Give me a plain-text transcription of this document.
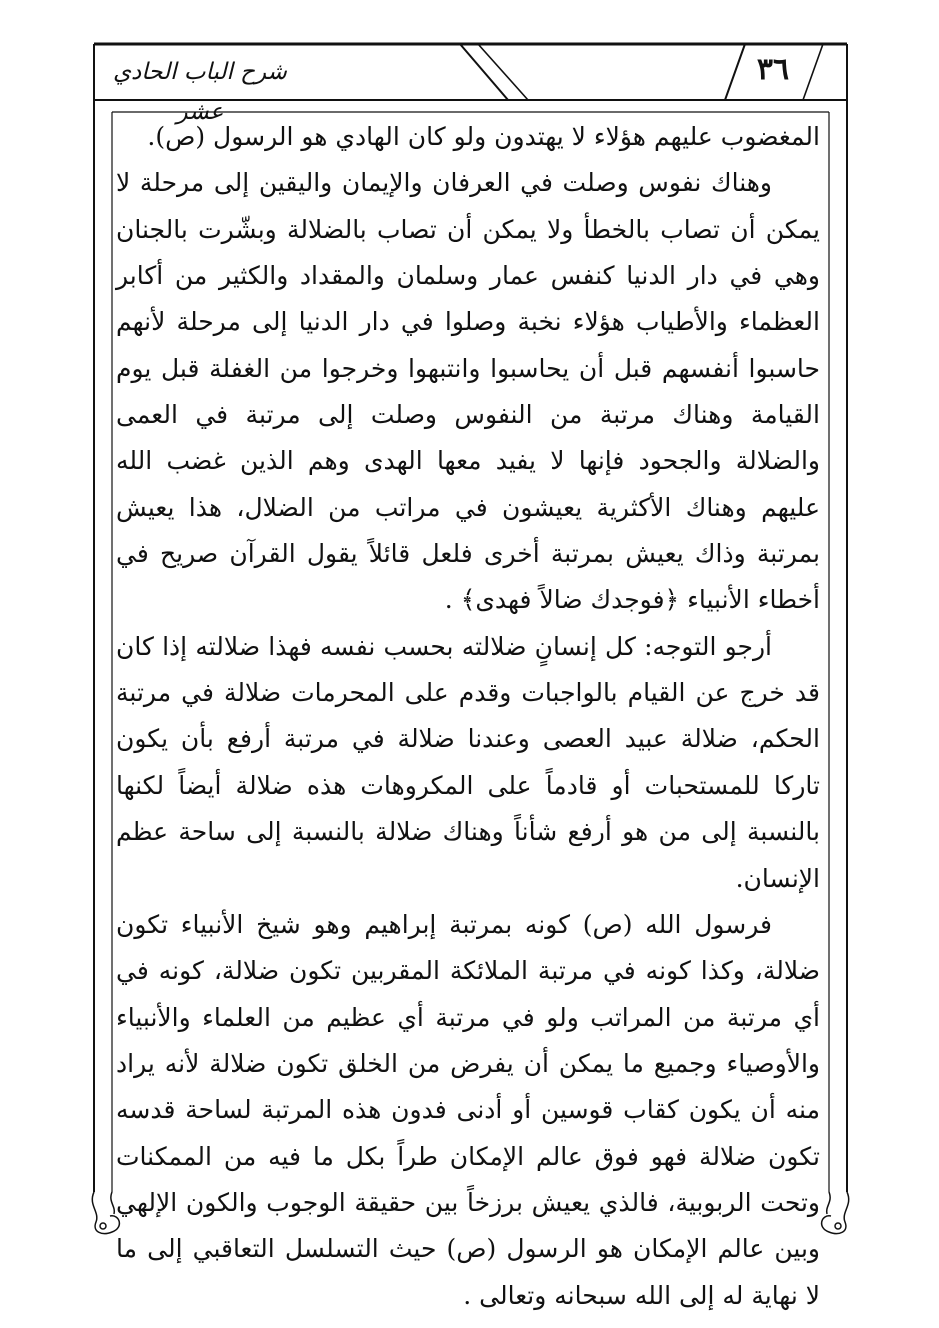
شرح الباب الحادي عشر
٣٦

المغضوب عليهم هؤلاء لا يهتدون ولو كان الهادي هو الرسول (ص).

وهناك نفوس وصلت في العرفان والإيمان واليقين إلى مرحلة لا يمكن أن تصاب بالخطأ ولا يمكن أن تصاب بالضلالة وبشّرت بالجنان وهي في دار الدنيا كنفس عمار وسلمان والمقداد والكثير من أكابر العظماء والأطياب هؤلاء نخبة وصلوا في دار الدنيا إلى مرحلة لأنهم حاسبوا أنفسهم قبل أن يحاسبوا وانتبهوا وخرجوا من الغفلة قبل يوم القيامة وهناك مرتبة من النفوس وصلت إلى مرتبة في العمى والضلالة والجحود فإنها لا يفيد معها الهدى وهم الذين غضب الله عليهم وهناك الأكثرية يعيشون في مراتب من الضلال، هذا يعيش بمرتبة وذاك يعيش بمرتبة أخرى فلعل قائلاً يقول القرآن صريح في أخطاء الأنبياء ﴿فوجدك ضالاً فهدى﴾ .

أرجو التوجه: كل إنسانٍ ضلالته بحسب نفسه فهذا ضلالته إذا كان قد خرج عن القيام بالواجبات وقدم على المحرمات ضلالة في مرتبة الحكم، ضلالة عبيد العصى وعندنا ضلالة في مرتبة أرفع بأن يكون تاركا للمستحبات أو قادماً على المكروهات هذه ضلالة أيضاً لكنها بالنسبة إلى من هو أرفع شأناً وهناك ضلالة بالنسبة إلى ساحة عظم الإنسان.

فرسول الله (ص) كونه بمرتبة إبراهيم وهو شيخ الأنبياء تكون ضلالة، وكذا كونه في مرتبة الملائكة المقربين تكون ضلالة، كونه في أي مرتبة من المراتب ولو في مرتبة أي عظيم من العلماء والأنبياء والأوصياء وجميع ما يمكن أن يفرض من الخلق تكون ضلالة لأنه يراد منه أن يكون كقاب قوسين أو أدنى فدون هذه المرتبة لساحة قدسه تكون ضلالة فهو فوق عالم الإمكان طراً بكل ما فيه من الممكنات وتحت الربوبية، فالذي يعيش برزخاً بين حقيقة الوجوب والكون الإلهي وبين عالم الإمكان هو الرسول (ص) حيث التسلسل التعاقبي إلى ما لا نهاية له إلى الله سبحانه وتعالى .
